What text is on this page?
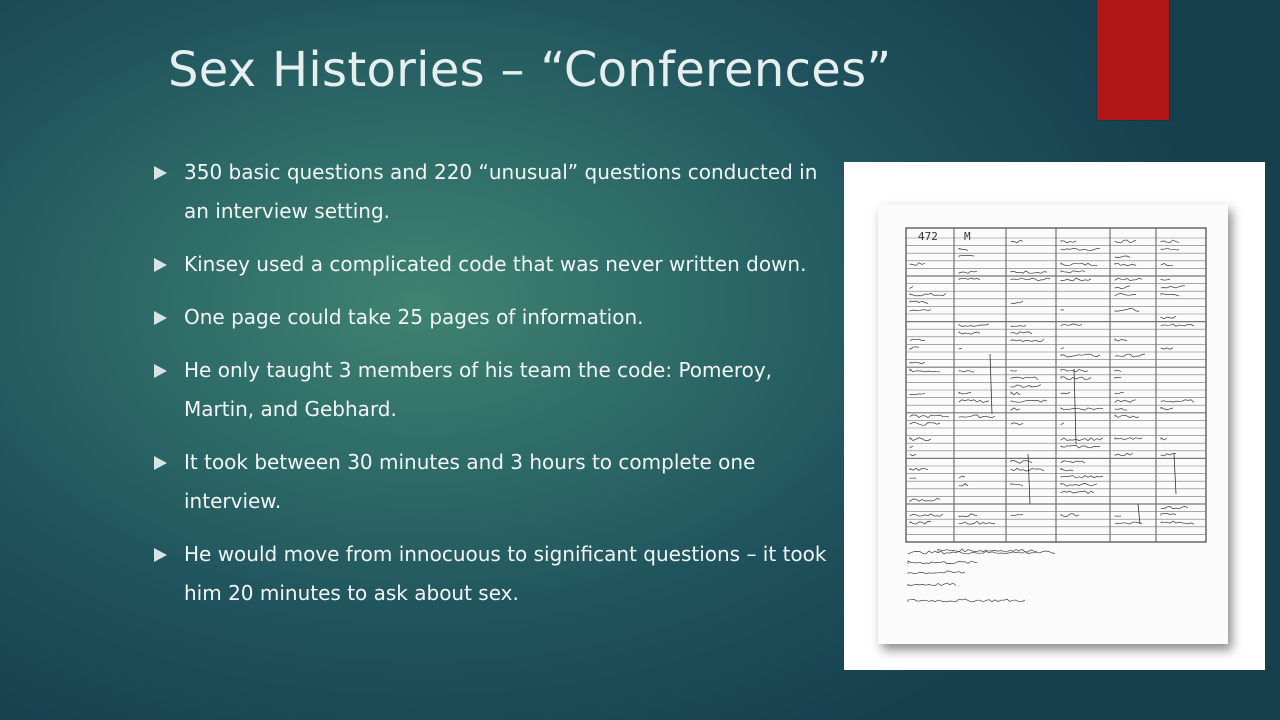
Sex Histories – “Conferences”
350 basic questions and 220 “unusual” questions conducted in an interview setting.
Kinsey used a complicated code that was never written down.
One page could take 25 pages of information.
He only taught 3 members of his team the code: Pomeroy, Martin, and Gebhard.
It took between 30 minutes and 3 hours to complete one interview.
He would move from innocuous to significant questions – it took him 20 minutes to ask about sex.
472 M
